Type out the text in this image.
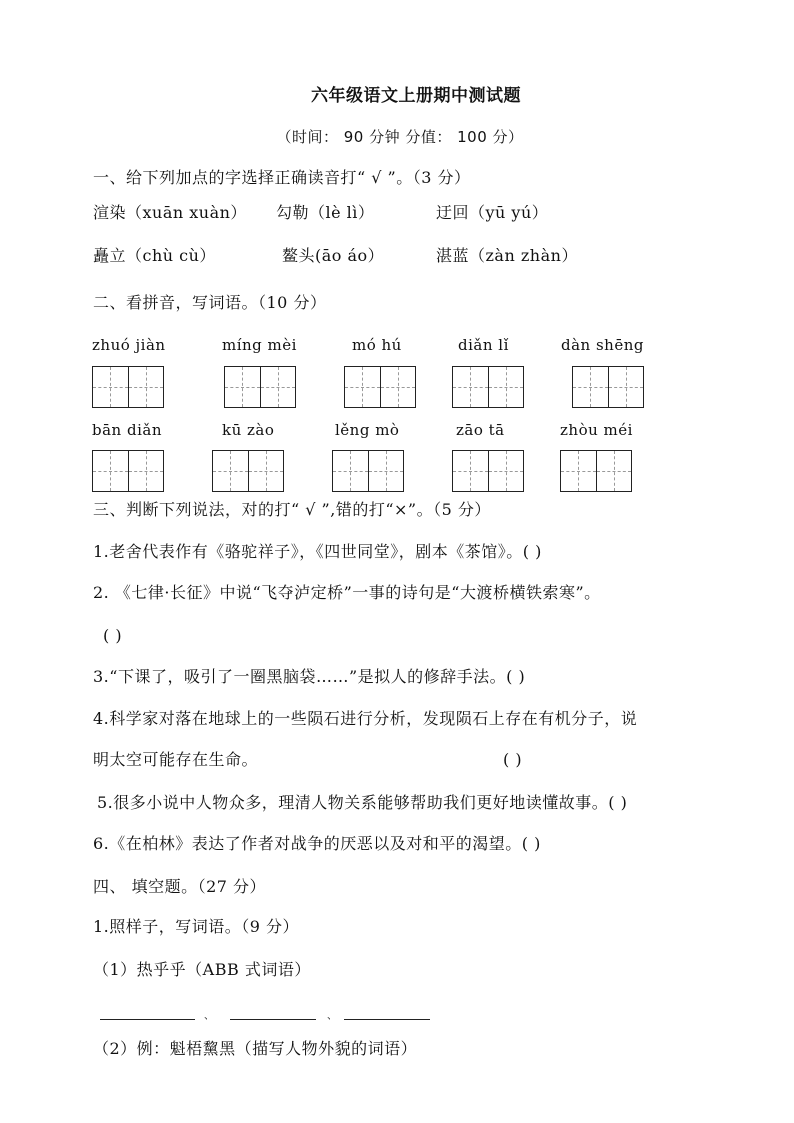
六年级语文上册期中测试题
（时间： 90 分钟 分值： 100 分）
一、给下列加点的字选择正确读音打“ √ ”。（3 分）
渲染（xuān xuàn） 勾勒（lè lì）	迂回（yū yú）
矗立（chù cù）	鳌头(āo áo）	湛蓝（zàn zhàn）
二、看拼音，写词语。（10 分）
zhuó jiàn	míng mèi	mó hú	diǎn lǐ	dàn shēng
bān diǎn	kū zào	lěng mò	zāo tā	zhòu méi
三、判断下列说法，对的打“ √ ”,错的打“×”。（5 分）
1.老舍代表作有《骆驼祥子》，《四世同堂》，剧本《茶馆》。( )
2. 《七律·长征》中说“飞夺泸定桥”一事的诗句是“大渡桥横铁索寒”。
( )
3.“下课了，吸引了一圈黑脑袋……”是拟人的修辞手法。( )
4.科学家对落在地球上的一些陨石进行分析，发现陨石上存在有机分子，说
明太空可能存在生命。	( )
5.很多小说中人物众多，理清人物关系能够帮助我们更好地读懂故事。( )
6.《在柏林》表达了作者对战争的厌恶以及对和平的渴望。( )
四、 填空题。（27 分）
1.照样子，写词语。（9 分）
（1）热乎乎（ABB 式词语）
、	、
（2）例：魁梧黧黑（描写人物外貌的词语）
